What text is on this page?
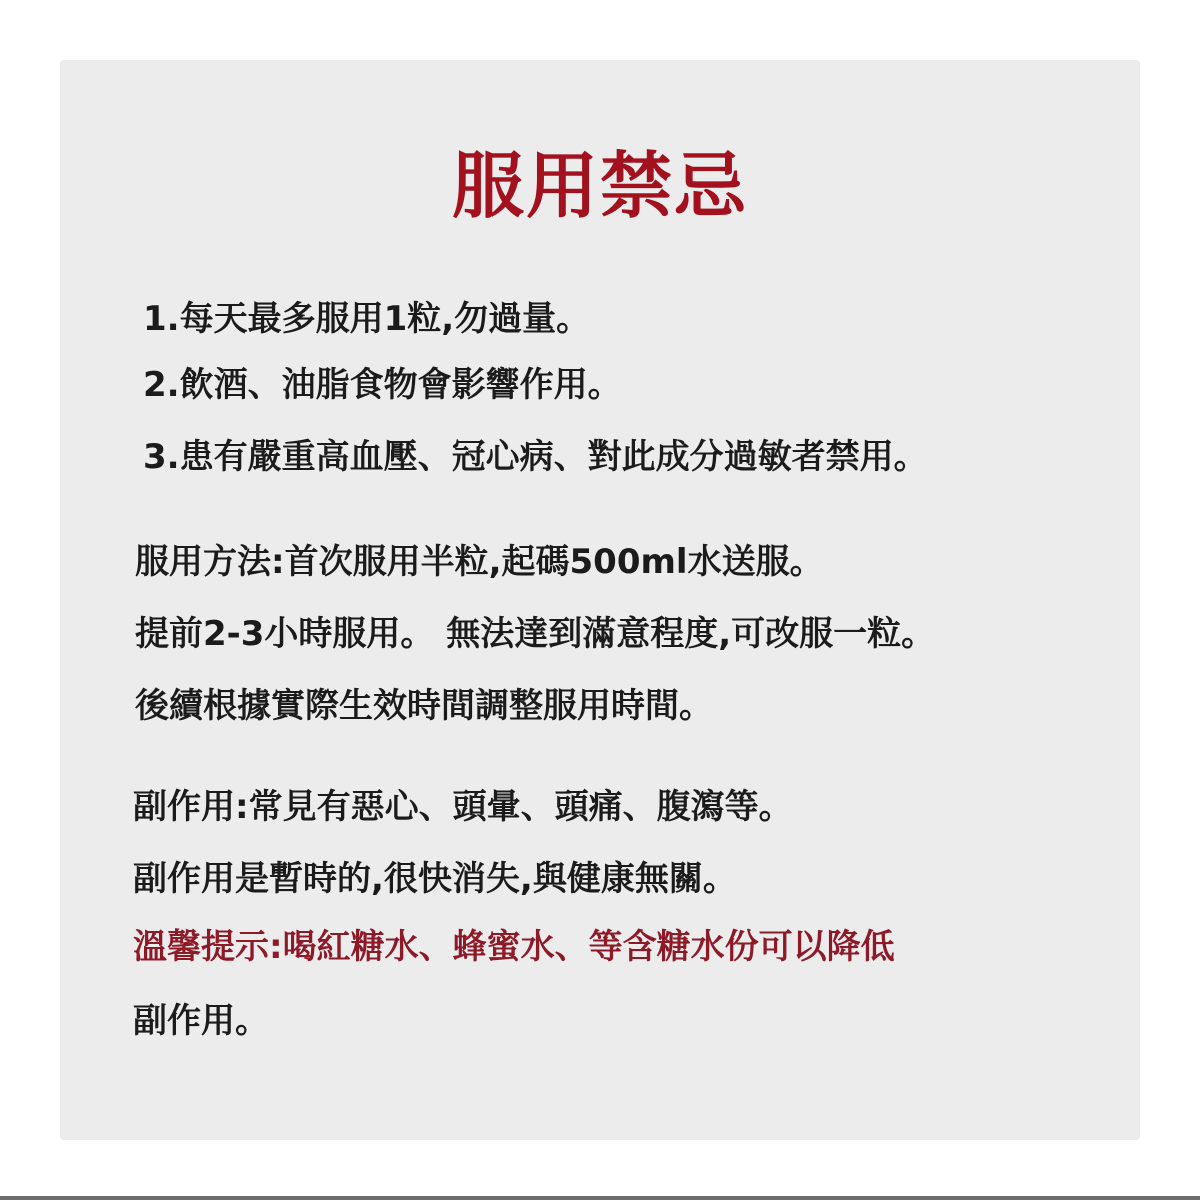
服用禁忌
1.每天最多服用1粒,勿過量。
2.飲酒、油脂食物會影響作用。
3.患有嚴重高血壓、冠心病、對此成分過敏者禁用。
服用方法:首次服用半粒,起碼500ml水送服。
提前2-3小時服用。 無法達到滿意程度,可改服一粒。
後續根據實際生效時間調整服用時間。
副作用:常見有惡心、頭暈、頭痛、腹瀉等。
副作用是暫時的,很快消失,與健康無關。
溫馨提示:喝紅糖水、蜂蜜水、等含糖水份可以降低
副作用。
